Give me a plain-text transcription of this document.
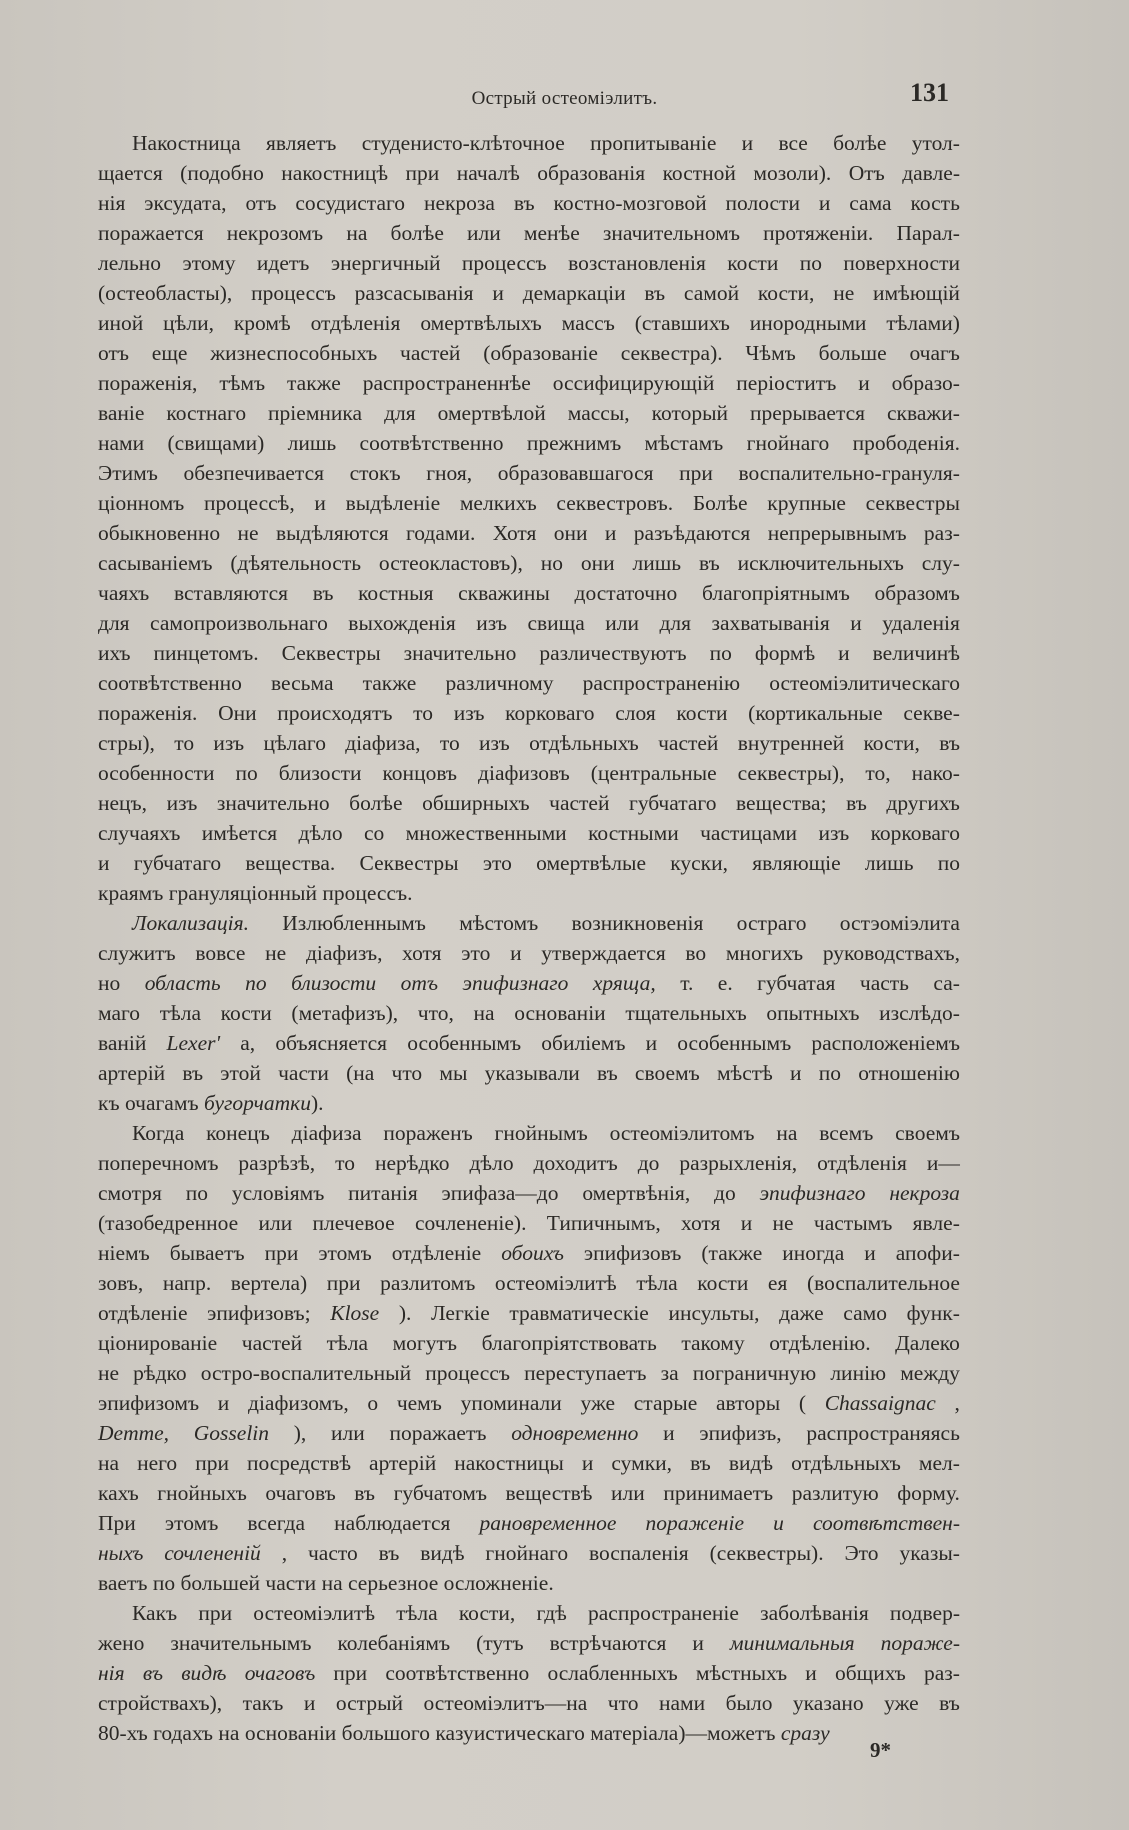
Острый остеоміэлитъ.	131
Накостница являетъ студенисто-клѣточное пропитываніе и все болѣе утол-
щается (подобно накостницѣ при началѣ образованія костной мозоли). Отъ давле-
нія эксудата, отъ сосудистаго некроза въ костно-мозговой полости и сама кость
поражается некрозомъ на болѣе или менѣе значительномъ протяженіи. Парал-
лельно этому идетъ энергичный процессъ возстановленія кости по поверхности
(остеобласты), процессъ разсасыванія и демаркаціи въ самой кости, не имѣющій
иной цѣли, кромѣ отдѣленія омертвѣлыхъ массъ (ставшихъ инородными тѣлами)
отъ еще жизнеспособныхъ частей (образованіе секвестра). Чѣмъ больше очагъ
пораженія, тѣмъ также распространеннѣе оссифицирующій періоститъ и образо-
ваніе костнаго пріемника для омертвѣлой массы, который прерывается скважи-
нами (свищами) лишь соотвѣтственно прежнимъ мѣстамъ гнойнаго прободенія.
Этимъ обезпечивается стокъ гноя, образовавшагося при воспалительно-грануля-
ціонномъ процессѣ, и выдѣленіе мелкихъ секвестровъ. Болѣе крупные секвестры
обыкновенно не выдѣляются годами. Хотя они и разъѣдаются непрерывнымъ раз-
сасываніемъ (дѣятельность остеокластовъ), но они лишь въ исключительныхъ слу-
чаяхъ вставляются въ костныя скважины достаточно благопріятнымъ образомъ
для самопроизвольнаго выхожденія изъ свища или для захватыванія и удаленія
ихъ пинцетомъ. Секвестры значительно различествуютъ по формѣ и величинѣ
соотвѣтственно весьма также различному распространенію остеоміэлитическаго
пораженія. Они происходятъ то изъ корковаго слоя кости (кортикальные секве-
стры), то изъ цѣлаго діафиза, то изъ отдѣльныхъ частей внутренней кости, въ
особенности по близости концовъ діафизовъ (центральные секвестры), то, нако-
нецъ, изъ значительно болѣе обширныхъ частей губчатаго вещества; въ другихъ
случаяхъ имѣется дѣло со множественными костными частицами изъ корковаго
и губчатаго вещества. Секвестры это омертвѣлые куски, являющіе лишь по
краямъ грануляціонный процессъ.
Локализація. Излюбленнымъ мѣстомъ возникновенія остраго остэоміэлита
служитъ вовсе не діафизъ, хотя это и утверждается во многихъ руководствахъ,
но область по близости отъ эпифизнаго хряща, т. е. губчатая часть са-
маго тѣла кости (метафизъ), что, на основаніи тщательныхъ опытныхъ изслѣдо-
ваній Lexer' а, объясняется особеннымъ обиліемъ и особеннымъ расположеніемъ
артерій въ этой части (на что мы указывали въ своемъ мѣстѣ и по отношенію
къ очагамъ бугорчатки ).
Когда конецъ діафиза пораженъ гнойнымъ остеоміэлитомъ на всемъ своемъ
поперечномъ разрѣзѣ, то нерѣдко дѣло доходитъ до разрыхленія, отдѣленія и—
смотря по условіямъ питанія эпифаза—до омертвѣнія, до эпифизнаго некроза
(тазобедренное или плечевое сочлененіе). Типичнымъ, хотя и не частымъ явле-
ніемъ бываетъ при этомъ отдѣленіе обоихъ эпифизовъ (также иногда и апофи-
зовъ, напр. вертела) при разлитомъ остеоміэлитѣ тѣла кости ея (воспалительное
отдѣленіе эпифизовъ; Klose ). Легкіе травматическіе инсульты, даже само функ-
ціонированіе частей тѣла могутъ благопріятствовать такому отдѣленію. Далеко
не рѣдко остро-воспалительный процессъ переступаетъ за пограничную линію между
эпифизомъ и діафизомъ, о чемъ упоминали уже старые авторы ( Chassaignac ,
Demme, Gosselin ), или поражаетъ одновременно и эпифизъ, распространяясь
на него при посредствѣ артерій накостницы и сумки, въ видѣ отдѣльныхъ мел-
кахъ гнойныхъ очаговъ въ губчатомъ веществѣ или принимаетъ разлитую форму.
При этомъ всегда наблюдается рановременное пораженіе и соотвѣтствен-
ныхъ сочлененій , часто въ видѣ гнойнаго воспаленія (секвестры). Это указы-
ваетъ по большей части на серьезное осложненіе.
Какъ при остеоміэлитѣ тѣла кости, гдѣ распространеніе заболѣванія подвер-
жено значительнымъ колебаніямъ (тутъ встрѣчаются и минимальныя пораже-
нія въ видѣ очаговъ при соотвѣтственно ослабленныхъ мѣстныхъ и общихъ раз-
стройствахъ), такъ и острый остеоміэлитъ—на что нами было указано уже въ
80-хъ годахъ на основаніи большого казуистическаго матеріала)—можетъ сразу
9*
